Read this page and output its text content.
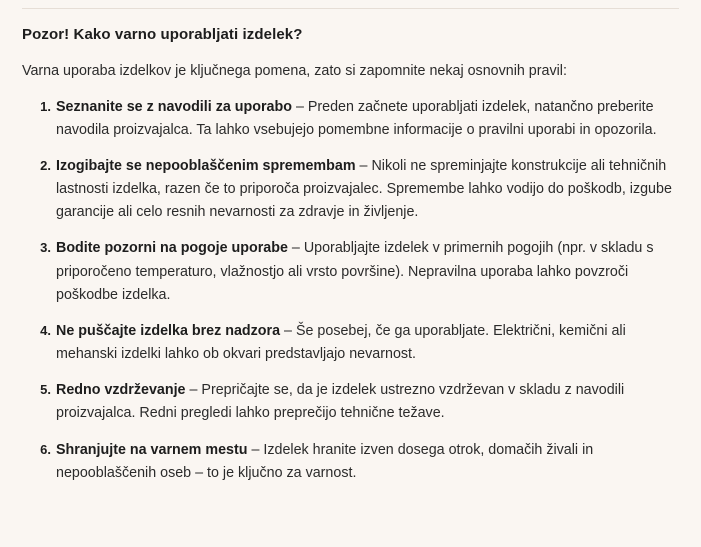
Pozor! Kako varno uporabljati izdelek?

Varna uporaba izdelkov je ključnega pomena, zato si zapomnite nekaj osnovnih pravil:

Seznanite se z navodili za uporabo – Preden začnete uporabljati izdelek, natančno preberite navodila proizvajalca. Ta lahko vsebujejo pomembne informacije o pravilni uporabi in opozorila.
Izogibajte se nepooblaščenim spremembam – Nikoli ne spreminjajte konstrukcije ali tehničnih lastnosti izdelka, razen če to priporoča proizvajalec. Spremembe lahko vodijo do poškodb, izgube garancije ali celo resnih nevarnosti za zdravje in življenje.
Bodite pozorni na pogoje uporabe – Uporabljajte izdelek v primernih pogojih (npr. v skladu s priporočeno temperaturo, vlažnostjo ali vrsto površine). Nepravilna uporaba lahko povzroči poškodbe izdelka.
Ne puščajte izdelka brez nadzora – Še posebej, če ga uporabljate. Električni, kemični ali mehanski izdelki lahko ob okvari predstavljajo nevarnost.
Redno vzdrževanje – Prepričajte se, da je izdelek ustrezno vzdrževan v skladu z navodili proizvajalca. Redni pregledi lahko preprečijo tehnične težave.
Shranjujte na varnem mestu – Izdelek hranite izven dosega otrok, domačih živali in nepooblaščenih oseb – to je ključno za varnost.
